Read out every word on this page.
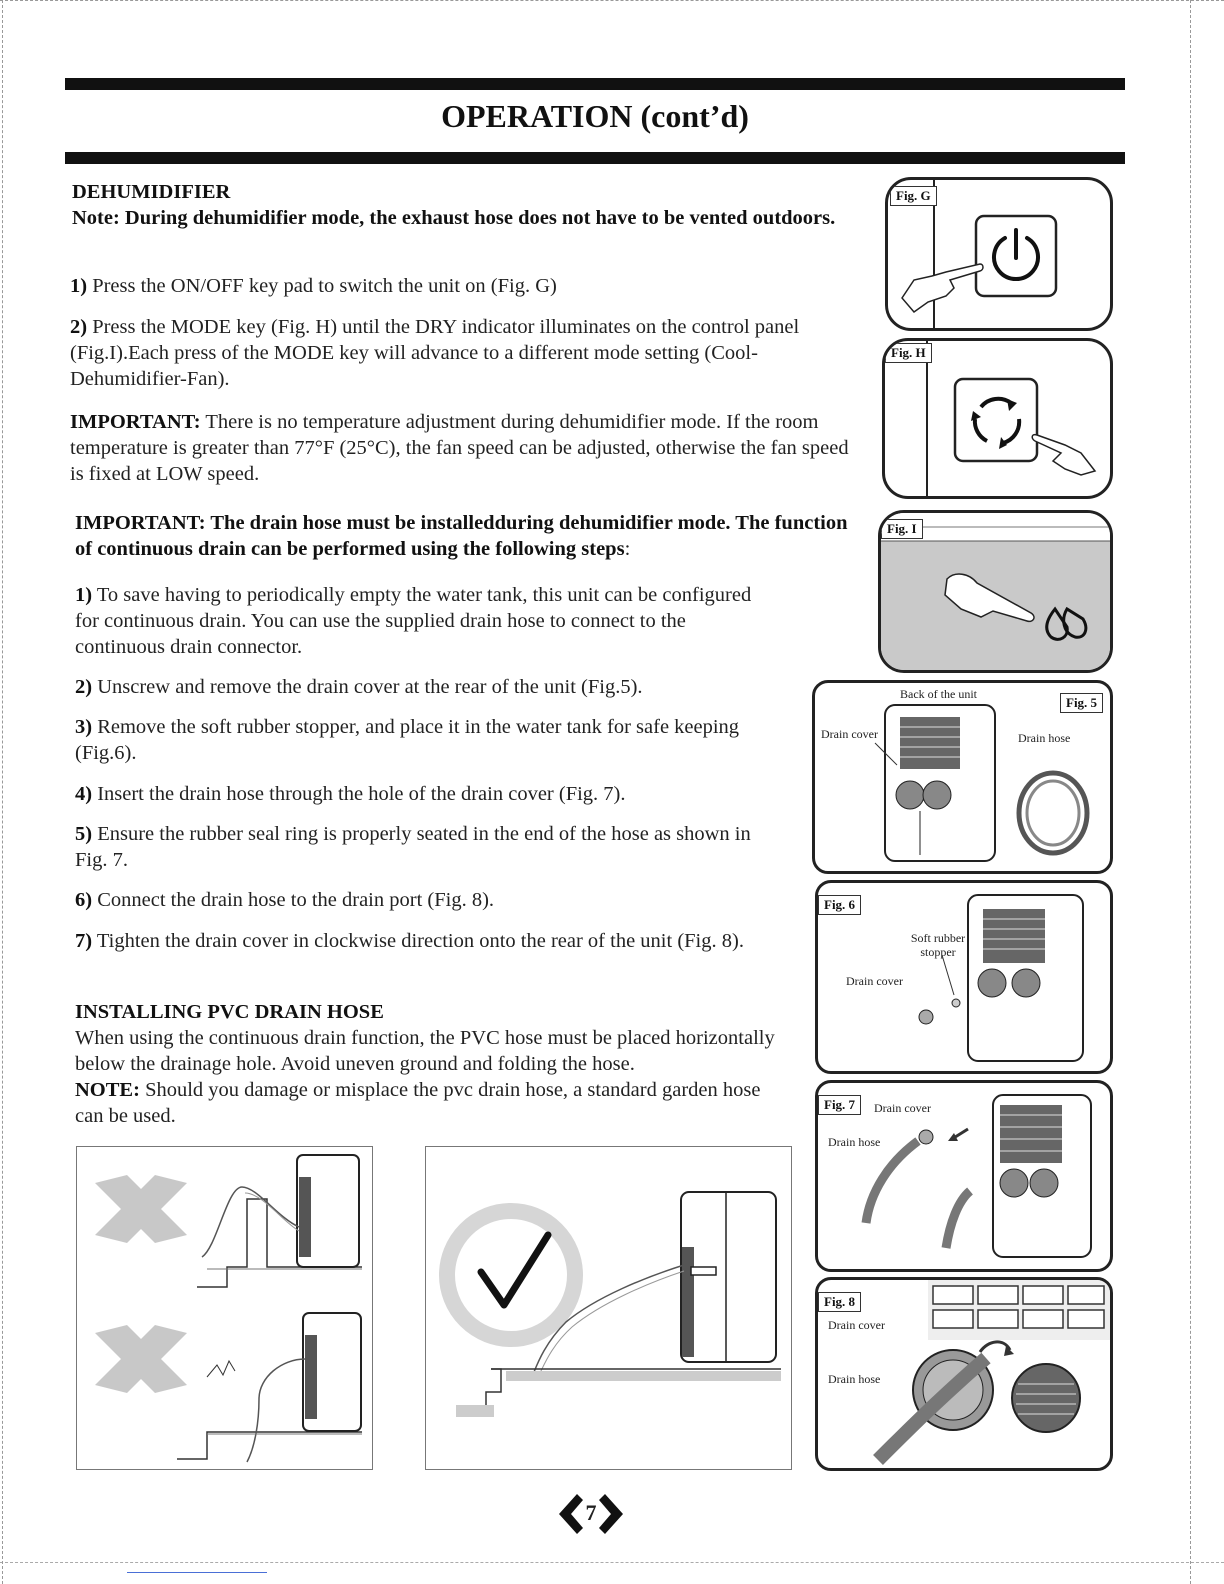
OPERATION (cont’d)
DEHUMIDIFIER
Note: During dehumidifier mode, the exhaust hose does not have to be vented outdoors.
1) Press the ON/OFF key pad to switch the unit on (Fig. G)
2) Press the MODE key (Fig. H) until the DRY indicator illuminates on the control panel (Fig.I).Each press of the MODE key will advance to a different mode setting (Cool-Dehumidifier-Fan).
IMPORTANT: There is no temperature adjustment during dehumidifier mode. If the room temperature is greater than 77°F (25°C), the fan speed can be adjusted, otherwise the fan speed is fixed at LOW speed.
IMPORTANT: The drain hose must be installedduring dehumidifier mode. The function of continuous drain can be performed using the following steps:
1) To save having to periodically empty the water tank, this unit can be configured for continuous drain. You can use the supplied drain hose to connect to the continuous drain connector.
2) Unscrew and remove the drain cover at the rear of the unit (Fig.5).
3) Remove the soft rubber stopper, and place it in the water tank for safe keeping (Fig.6).
4) Insert the drain hose through the hole of the drain cover (Fig. 7).
5) Ensure the rubber seal ring is properly seated in the end of the hose as shown in Fig. 7.
6) Connect the drain hose to the drain port (Fig. 8).
7) Tighten the drain cover in clockwise direction onto the rear of the unit (Fig. 8).
INSTALLING PVC DRAIN HOSE
When using the continuous drain function, the PVC hose must be placed horizontally below the drainage hole. Avoid uneven ground and folding the hose.
NOTE: Should you damage or misplace the pvc drain hose, a standard garden hose can be used.
Fig. G
Fig. H
Fig. I
Back of the unit
Fig. 5
Drain cover	Drain hose
Fig. 6
Soft rubber stopper
Drain cover
Fig. 7	Drain cover
Drain hose
Fig. 8
Drain cover
Drain hose
7
